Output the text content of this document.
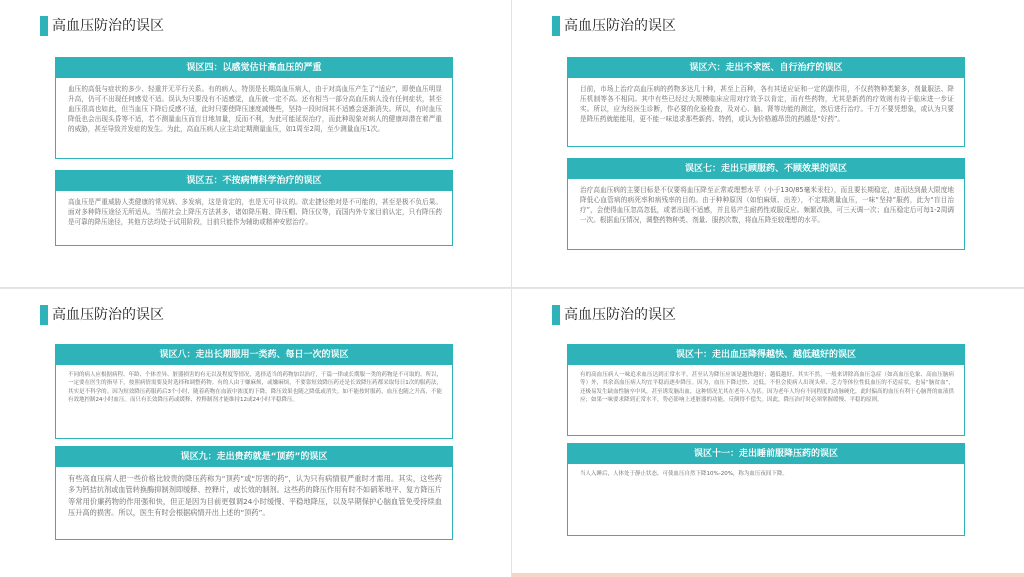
高血压防治的误区
误区四：以感觉估计高血压的严重
血压的高低与症状的多少、轻重并无平行关系。有的病人，特别是长期高血压病人，由于对高血压产生了“适应”，即使血压明显升高，仍可不出现任何感觉不适。误认为只要没有不适感觉，血压就一定不高。还有相当一部分高血压病人没有任何症状，甚至血压很高也如此，但当血压下降后反感不适，此时只要使降压速度减慢些，坚持一段时间其不适感会逐渐消失。所以，有时血压降低也会出现头昏等不适，若不测量血压而盲目地加量，反而不利，为此可能延误治疗，而此种现象对病人的健康却潜在着严重的威胁，甚至导致并发症的发生。为此，高血压病人应主动定期测量血压，如1周至2周，至少测量血压1次。
误区五：不按病情科学治疗的误区
高血压是严重威胁人类健康的常见病、多发病，这是肯定的，也是无可非议的。欲走捷径绝对是不可能的，甚至是极不负后果。面对多种降压途径无所适从。当前社会上降压方法甚多，诸如降压鞋、降压帽、降压仪等，而国内外专家目前认定，只有降压药是可靠的降压途径，其他方法均处于试用阶段，目前只能作为辅助或精神安慰治疗。
高血压防治的误区
误区六：走出不求医、自行治疗的误区
目前，市场上治疗高血压病的药物多达几十种，甚至上百种，各有其适应证和一定的副作用，不仅药物种类繁多，剂量服法、降压机制等各不相同。其中有些已经过大规模临床应用对疗效予以肯定，而有些药物，尤其是新药的疗效则有待于临床进一步证实。所以，应为经医生诊断，作必要的化验检查，及对心、脑、肾等功能的测定，然后进行治疗。千万不要凭想象，或认为只要是降压药就能能用，更不能一味追求那些新药、特药，或认为价格越昂贵的药越是“好药”。
误区七：走出只顾服药、不顾效果的误区
治疗高血压病的主要目标是不仅要将血压降至正常或理想水平（小于130/85毫米汞柱），而且要长期稳定，进而达到最大限度地降低心血管病的病死率和病残率的目的。由于种种原因（如怕麻烦、出差），不定期测量血压，一味“坚持”服药，此为“盲目治疗”，会使得血压忽高忽低，或者出现不适感，并且易产生耐药性或服反应。频繁改换，可三天调一次；血压稳定后可每1-2周调一次。根据血压情况，调整药物种类、剂量、服药次数，将血压降至较理想的水平。
高血压防治的误区
误区八：走出长期服用一类药、每日一次的误区
不同的病人应根据病程、年龄、个体差异、脏器损害的有无以及程度等情况，选择适当的药物加以治疗，千篇一律或长期服一类的药物是不可取的。所以，一定要在医生的指导下，按照病情需要及时选择和调整药物。有的人由于嫌麻烦，或嫌麻烦，不要靠短效降压药还是长效降压药都采取每日1次的服药法，其实是不科学的。因为短效降压药服药后3个小时，随着药物在血液中浓度的下降，降压效果也随之降低或消失。如不能按时服药，血压也随之升高，不能有效地控制24小时血压。而只有长效降压药或缓释、控释制剂才能维持12或24小时平稳降压。
误区九：走出贵药就是“顶药”的误区
有些高血压病人把一些价格比较贵的降压药称为“顶药”或“厉害的药”，认为只有病情很严重时才需用。其实，这些药多为钙拮抗剂或血管转换酶抑制剂即缓释、控释片，或长效的制剂。这些药的降压作用有时不如硝苯地平、复方降压片等常用价廉药物的作用强和快，但正是因为目前更强调24小时缓慢、平稳地降压，以及早期保护心脑血管免受持续血压升高的损害。所以，医生有时会根据病情开出上述的“顶药”。
高血压防治的误区
误区十：走出血压降得越快、越低越好的误区
有的高血压病人一味追求血压达到正常水平，甚至认为降压应该是越快越好；越低越好。其实不然，一般来讲除高血压急症（如高血压危象、高血压脑病等）外，其余高血压病人均宜平稳而逐步降压。因为，血压下降过快、过低，不但会使病人出现头晕、乏力等体位性低血压的不适症状，也易“脑贫血”，还极易发生缺血性脑卒中风，甚至诱发脑出血，这种情况尤其在老年人为甚。因为老年人均有不同程度的动脉硬化，此时偏高的血压有利于心脑肾的血液供应；如果一味要求降到正常水平，势必影响上述脏器的功能，反倒得不偿失。因此，降压治疗时必须掌握缓慢、平稳的原则。
误区十一：走出睡前服降压药的误区
当人入睡后，人体处于静止状态，可使血压自然下降10%-20%，称为血压夜间下降。
